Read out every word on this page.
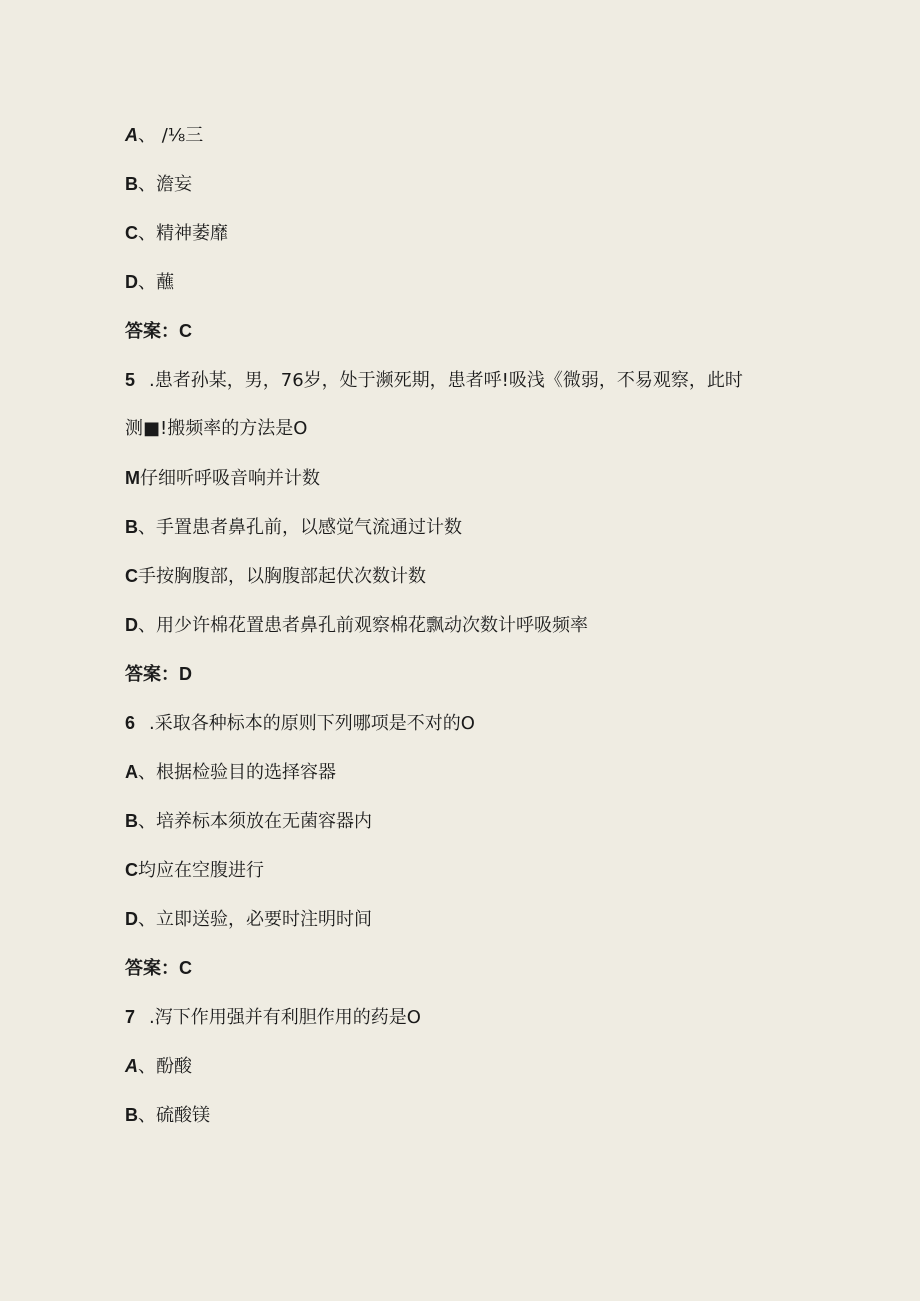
A、 /⅛三
B、澹妄
C、精神萎靡
D、蘸
答案：C
5 .患者孙某，男，76岁，处于濒死期，患者呼!吸浅《微弱，不易观察，此时
测■!搬频率的方法是O
M仔细听呼吸音响并计数
B、手置患者鼻孔前，以感觉气流通过计数
C手按胸腹部，以胸腹部起伏次数计数
D、用少许棉花置患者鼻孔前观察棉花飘动次数计呼吸频率
答案：D
6 .采取各种标本的原则下列哪项是不对的O
A、根据检验目的选择容器
B、培养标本须放在无菌容器内
C均应在空腹进行
D、立即送验，必要时注明时间
答案：C
7 .泻下作用强并有利胆作用的药是O
A、酚酸
B、硫酸镁
